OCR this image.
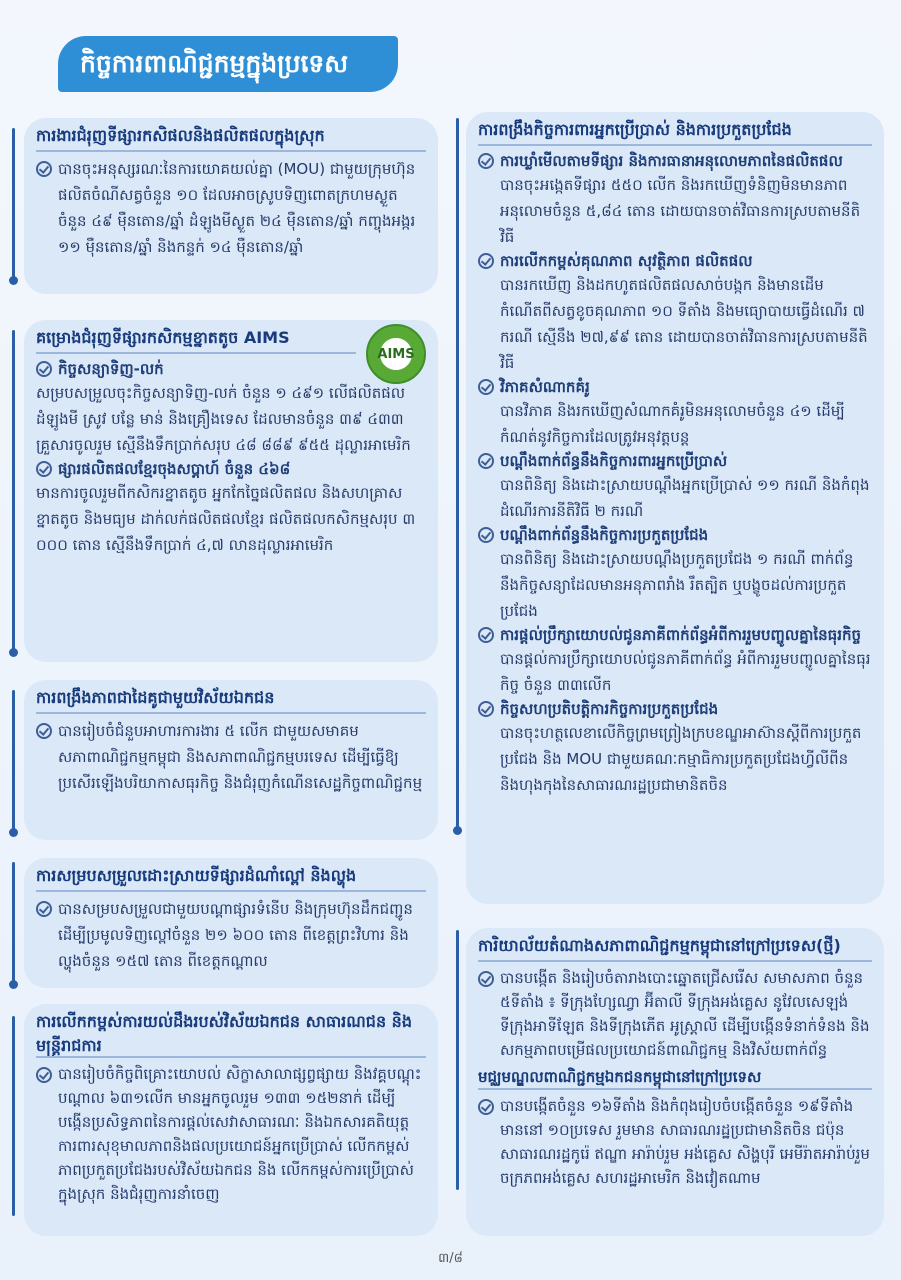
កិច្ចការពាណិជ្ជកម្មក្នុងប្រទេស
ការងារជំរុញទីផ្សារកសិផលនិងផលិតផលក្នុងស្រុក
បានចុះអនុស្សរណៈនៃការយោគយល់គ្នា (MOU) ជាមួយក្រុមហ៊ុនផលិតចំណីសត្វចំនួន ១០ ដែលអាចស្រូបទិញពោតក្រហមស្ងួតចំនួន ៤៩ ម៉ឺនតោន/ឆ្នាំ ដំឡូងមីស្ងួត ២៤ ម៉ឺនតោន/ឆ្នាំ កញ្ចុងអង្ករ ១១ ម៉ឺនតោន/ឆ្នាំ និងកន្ទក់ ១៤ ម៉ឺនតោន/ឆ្នាំ
គម្រោងជំរុញទីផ្សារកសិកម្មខ្នាតតូច AIMS
AIMS
កិច្ចសន្យាទិញ-លក់
សម្របសម្រួលចុះកិច្ចសន្យាទិញ-លក់ ចំនួន ១ ៤៩១ លើផលិតផលដំឡូងមី ស្រូវ បន្លែ មាន់ និងគ្រឿងទេស ដែលមានចំនួន ៣៩ ៤៣៣ គ្រួសារចូលរួម ស្មើនឹងទឹកប្រាក់សរុប ៤៨ ៨៨៩ ៩៥៥ ដុល្លារអាមេរិក
ផ្សារផលិតផលខ្មែរចុងសប្ដាហ៍ ចំនួន ៤៦៨
មានការចូលរួមពីកសិករខ្នាតតូច អ្នកកែច្នៃផលិតផល និងសហគ្រាសខ្នាតតូច និងមធ្យម ដាក់លក់ផលិតផលខ្មែរ ផលិតផលកសិកម្មសរុប ៣ ០០០ តោន ស្មើនឹងទឹកប្រាក់ ៤,៧ លានដុល្លារអាមេរិក
ការពង្រឹងភាពជាដៃគូជាមួយវិស័យឯកជន
បានរៀបចំជំនួបអាហារការងារ ៥ លើក ជាមួយសមាគមសភាពាណិជ្ជកម្មកម្ពុជា និងសភាពាណិជ្ជកម្មបរទេស ដើម្បីធ្វើឱ្យប្រសើរឡើងបរិយាកាសធុរកិច្ច និងជំរុញកំណើនសេដ្ឋកិច្ចពាណិជ្ជកម្ម
ការសម្របសម្រួលដោះស្រាយទីផ្សារដំណាំល្ពៅ និងល្ហុង
បានសម្របសម្រួលជាមួយបណ្ដាផ្សារទំនើប និងក្រុមហ៊ុនដឹកជញ្ជូនដើម្បីប្រមូលទិញល្ពៅចំនួន ២១ ៦០០ តោន ពីខេត្តព្រះវិហារ និងល្ហុងចំនួន ១៥៧ តោន ពីខេត្តកណ្ដាល
ការលើកកម្ពស់ការយល់ដឹងរបស់វិស័យឯកជន សាធារណជន និងមន្ត្រីរាជការ
បានរៀបចំកិច្ចពិគ្រោះយោបល់ សិក្ខាសាលាផ្សព្វផ្សាយ និងវគ្គបណ្ដុះបណ្ដាល ៦៣១លើក មានអ្នកចូលរួម ១៣៣ ១៥២នាក់ ដើម្បីបង្កើនប្រសិទ្ធភាពនៃការផ្ដល់សេវាសាធារណៈ និងឯកសារគតិយុត្ត ការពារសុខុមាលភាពនិងផលប្រយោជន៍អ្នកប្រើប្រាស់ លើកកម្ពស់ភាពប្រកួតប្រជែងរបស់វិស័យឯកជន និង លើកកម្ពស់ការប្រើប្រាស់ក្នុងស្រុក និងជំរុញការនាំចេញ
ការពង្រឹងកិច្ចការពារអ្នកប្រើប្រាស់ និងការប្រកួតប្រជែង
ការឃ្លាំមើលតាមទីផ្សារ និងការធានាអនុលោមភាពនៃផលិតផល
បានចុះអង្កេតទីផ្សារ ៥៥០ លើក និងរកឃើញទំនិញមិនមានភាពអនុលោមចំនួន ៥,៨៤ តោន ដោយបានចាត់វិធានការស្របតាមនីតិវិធី
ការលើកកម្ពស់គុណភាព សុវត្ថិភាព ផលិតផល
បានរកឃើញ និងដកហូតផលិតផលសាច់បង្កក និងមានដើមកំណើតពីសត្វខូចគុណភាព ១០ ទីតាំង និងមធ្យោបាយធ្វើដំណើរ ៧ ករណី ស្មើនឹង ២៧,៩៩ តោន ដោយបានចាត់វិធានការស្របតាមនីតិវិធី
វិភាគសំណាកគំរូ
បានវិភាគ និងរកឃើញសំណាកគំរូមិនអនុលោមចំនួន ៤១ ដើម្បីកំណត់នូវកិច្ចការដែលត្រូវអនុវត្តបន្ត
បណ្ដឹងពាក់ព័ន្ធនឹងកិច្ចការពារអ្នកប្រើប្រាស់
បានពិនិត្យ និងដោះស្រាយបណ្ដឹងអ្នកប្រើប្រាស់ ១១ ករណី និងកំពុងដំណើរការនីតិវិធី ២ ករណី
បណ្ដឹងពាក់ព័ន្ធនឹងកិច្ចការប្រកួតប្រជែង
បានពិនិត្យ និងដោះស្រាយបណ្ដឹងប្រកួតប្រជែង ១ ករណី ពាក់ព័ន្ធនឹងកិច្ចសន្យាដែលមានអនុភាពរាំង រឹតត្បិត ឬបង្ខូចដល់ការប្រកួតប្រជែង
ការផ្ដល់ប្រឹក្សាយោបល់ជូនភាគីពាក់ព័ន្ធអំពីការរួមបញ្ចូលគ្នានៃធុរកិច្ច
បានផ្ដល់ការប្រឹក្សាយោបល់ជូនភាគីពាក់ព័ន្ធ អំពីការរួមបញ្ចូលគ្នានៃធុរកិច្ច ចំនួន ៣៣លើក
កិច្ចសហប្រតិបត្តិការកិច្ចការប្រកួតប្រជែង
បានចុះហត្ថលេខាលើកិច្ចព្រមព្រៀងក្របខណ្ឌអាស៊ានស្ដីពីការប្រកួតប្រជែង និង MOU ជាមួយគណៈកម្មាធិការប្រកួតប្រជែងហ្វីលីពីន និងហុងកុងនៃសាធារណរដ្ឋប្រជាមានិតចិន
ការិយាល័យតំណាងសភាពាណិជ្ជកម្មកម្ពុជានៅក្រៅប្រទេស(ថ្មី)
បានបង្កើត និងរៀបចំតារាងបោះឆ្នោតជ្រើសរើស សមាសភាព ចំនួន ៥ទីតាំង ៖ ទីក្រុងហ្សែណ្វា អ៊ីតាលី ទីក្រុងអង់គ្លេស នូវែលសេឡង់ ទីក្រុងអាទីឡែត និងទីក្រុងភើត អូស្ត្រាលី ដើម្បីបង្កើនទំនាក់ទំនង និងសកម្មភាពបម្រើផលប្រយោជន៍ពាណិជ្ជកម្ម និងវិស័យពាក់ព័ន្ធ
មជ្ឈមណ្ឌលពាណិជ្ជកម្មឯកជនកម្ពុជានៅក្រៅប្រទេស
បានបង្កើតចំនួន ១៦ទីតាំង និងកំពុងរៀបចំបង្កើតចំនួន ១៩ទីតាំង មាននៅ ១០ប្រទេស រួមមាន សាធារណរដ្ឋប្រជាមានិតចិន ជប៉ុន សាធារណរដ្ឋកូរ៉េ ឥណ្ឌា អារ៉ាប់រួម អង់គ្លេស សិង្ហបុរី អេមីរ៉ាតអារ៉ាប់រួម ចក្រភពអង់គ្លេស សហរដ្ឋអាមេរិក និងវៀតណាម
៣/៨
